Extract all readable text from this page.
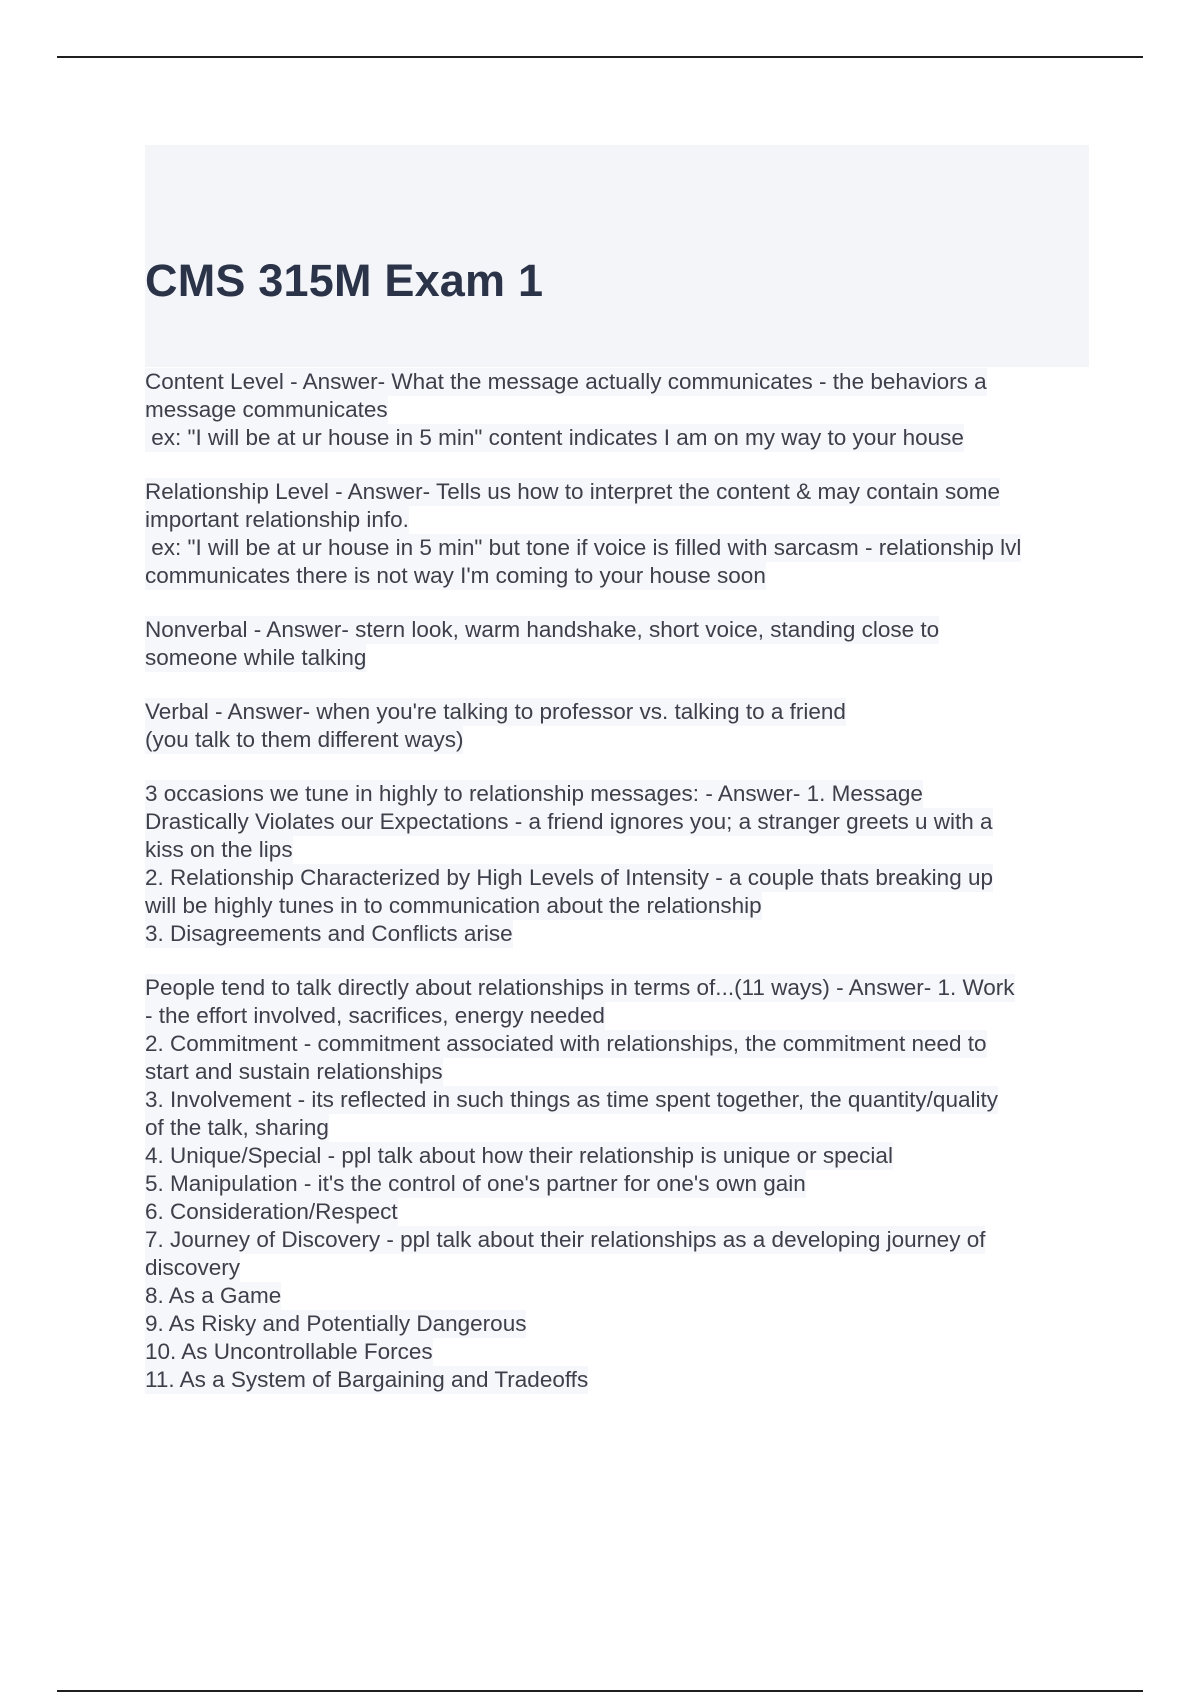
CMS 315M Exam 1
Content Level - Answer- What the message actually communicates - the behaviors a
message communicates
ex: "I will be at ur house in 5 min" content indicates I am on my way to your house
Relationship Level - Answer- Tells us how to interpret the content & may contain some
important relationship info.
ex: "I will be at ur house in 5 min" but tone if voice is filled with sarcasm - relationship lvl
communicates there is not way I'm coming to your house soon
Nonverbal - Answer- stern look, warm handshake, short voice, standing close to
someone while talking
Verbal - Answer- when you're talking to professor vs. talking to a friend
(you talk to them different ways)
3 occasions we tune in highly to relationship messages: - Answer- 1. Message
Drastically Violates our Expectations - a friend ignores you; a stranger greets u with a
kiss on the lips
2. Relationship Characterized by High Levels of Intensity - a couple thats breaking up
will be highly tunes in to communication about the relationship
3. Disagreements and Conflicts arise
People tend to talk directly about relationships in terms of...(11 ways) - Answer- 1. Work
- the effort involved, sacrifices, energy needed
2. Commitment - commitment associated with relationships, the commitment need to
start and sustain relationships
3. Involvement - its reflected in such things as time spent together, the quantity/quality
of the talk, sharing
4. Unique/Special - ppl talk about how their relationship is unique or special
5. Manipulation - it's the control of one's partner for one's own gain
6. Consideration/Respect
7. Journey of Discovery - ppl talk about their relationships as a developing journey of
discovery
8. As a Game
9. As Risky and Potentially Dangerous
10. As Uncontrollable Forces
11. As a System of Bargaining and Tradeoffs
